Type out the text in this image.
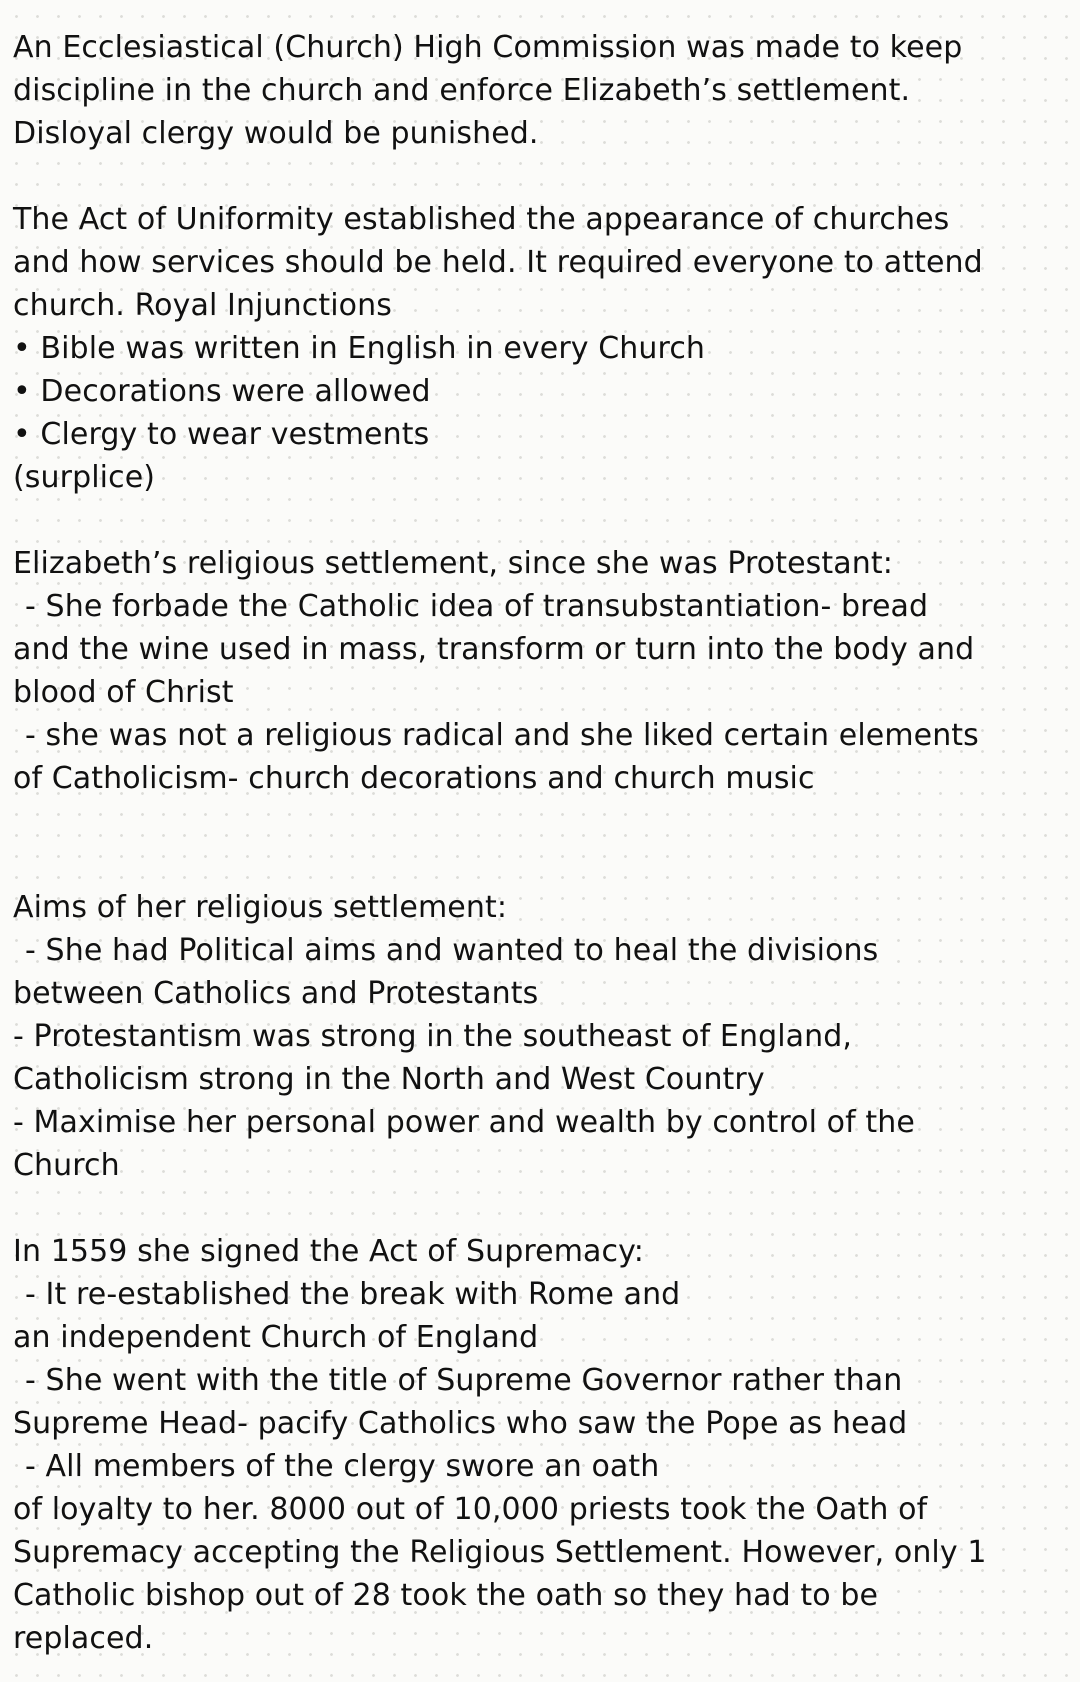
An Ecclesiastical (Church) High Commission was made to keep
discipline in the church and enforce Elizabeth’s settlement.
Disloyal clergy would be punished.
The Act of Uniformity established the appearance of churches
and how services should be held. It required everyone to attend
church. Royal Injunctions
• Bible was written in English in every Church
• Decorations were allowed
• Clergy to wear vestments
(surplice)
Elizabeth’s religious settlement, since she was Protestant:
- She forbade the Catholic idea of transubstantiation- bread
and the wine used in mass, transform or turn into the body and
blood of Christ
- she was not a religious radical and she liked certain elements
of Catholicism- church decorations and church music
Aims of her religious settlement:
- She had Political aims and wanted to heal the divisions
between Catholics and Protestants
- Protestantism was strong in the southeast of England,
Catholicism strong in the North and West Country
- Maximise her personal power and wealth by control of the
Church
In 1559 she signed the Act of Supremacy:
- It re-established the break with Rome and
an independent Church of England
- She went with the title of Supreme Governor rather than
Supreme Head- pacify Catholics who saw the Pope as head
- All members of the clergy swore an oath
of loyalty to her. 8000 out of 10,000 priests took the Oath of
Supremacy accepting the Religious Settlement. However, only 1
Catholic bishop out of 28 took the oath so they had to be
replaced.
